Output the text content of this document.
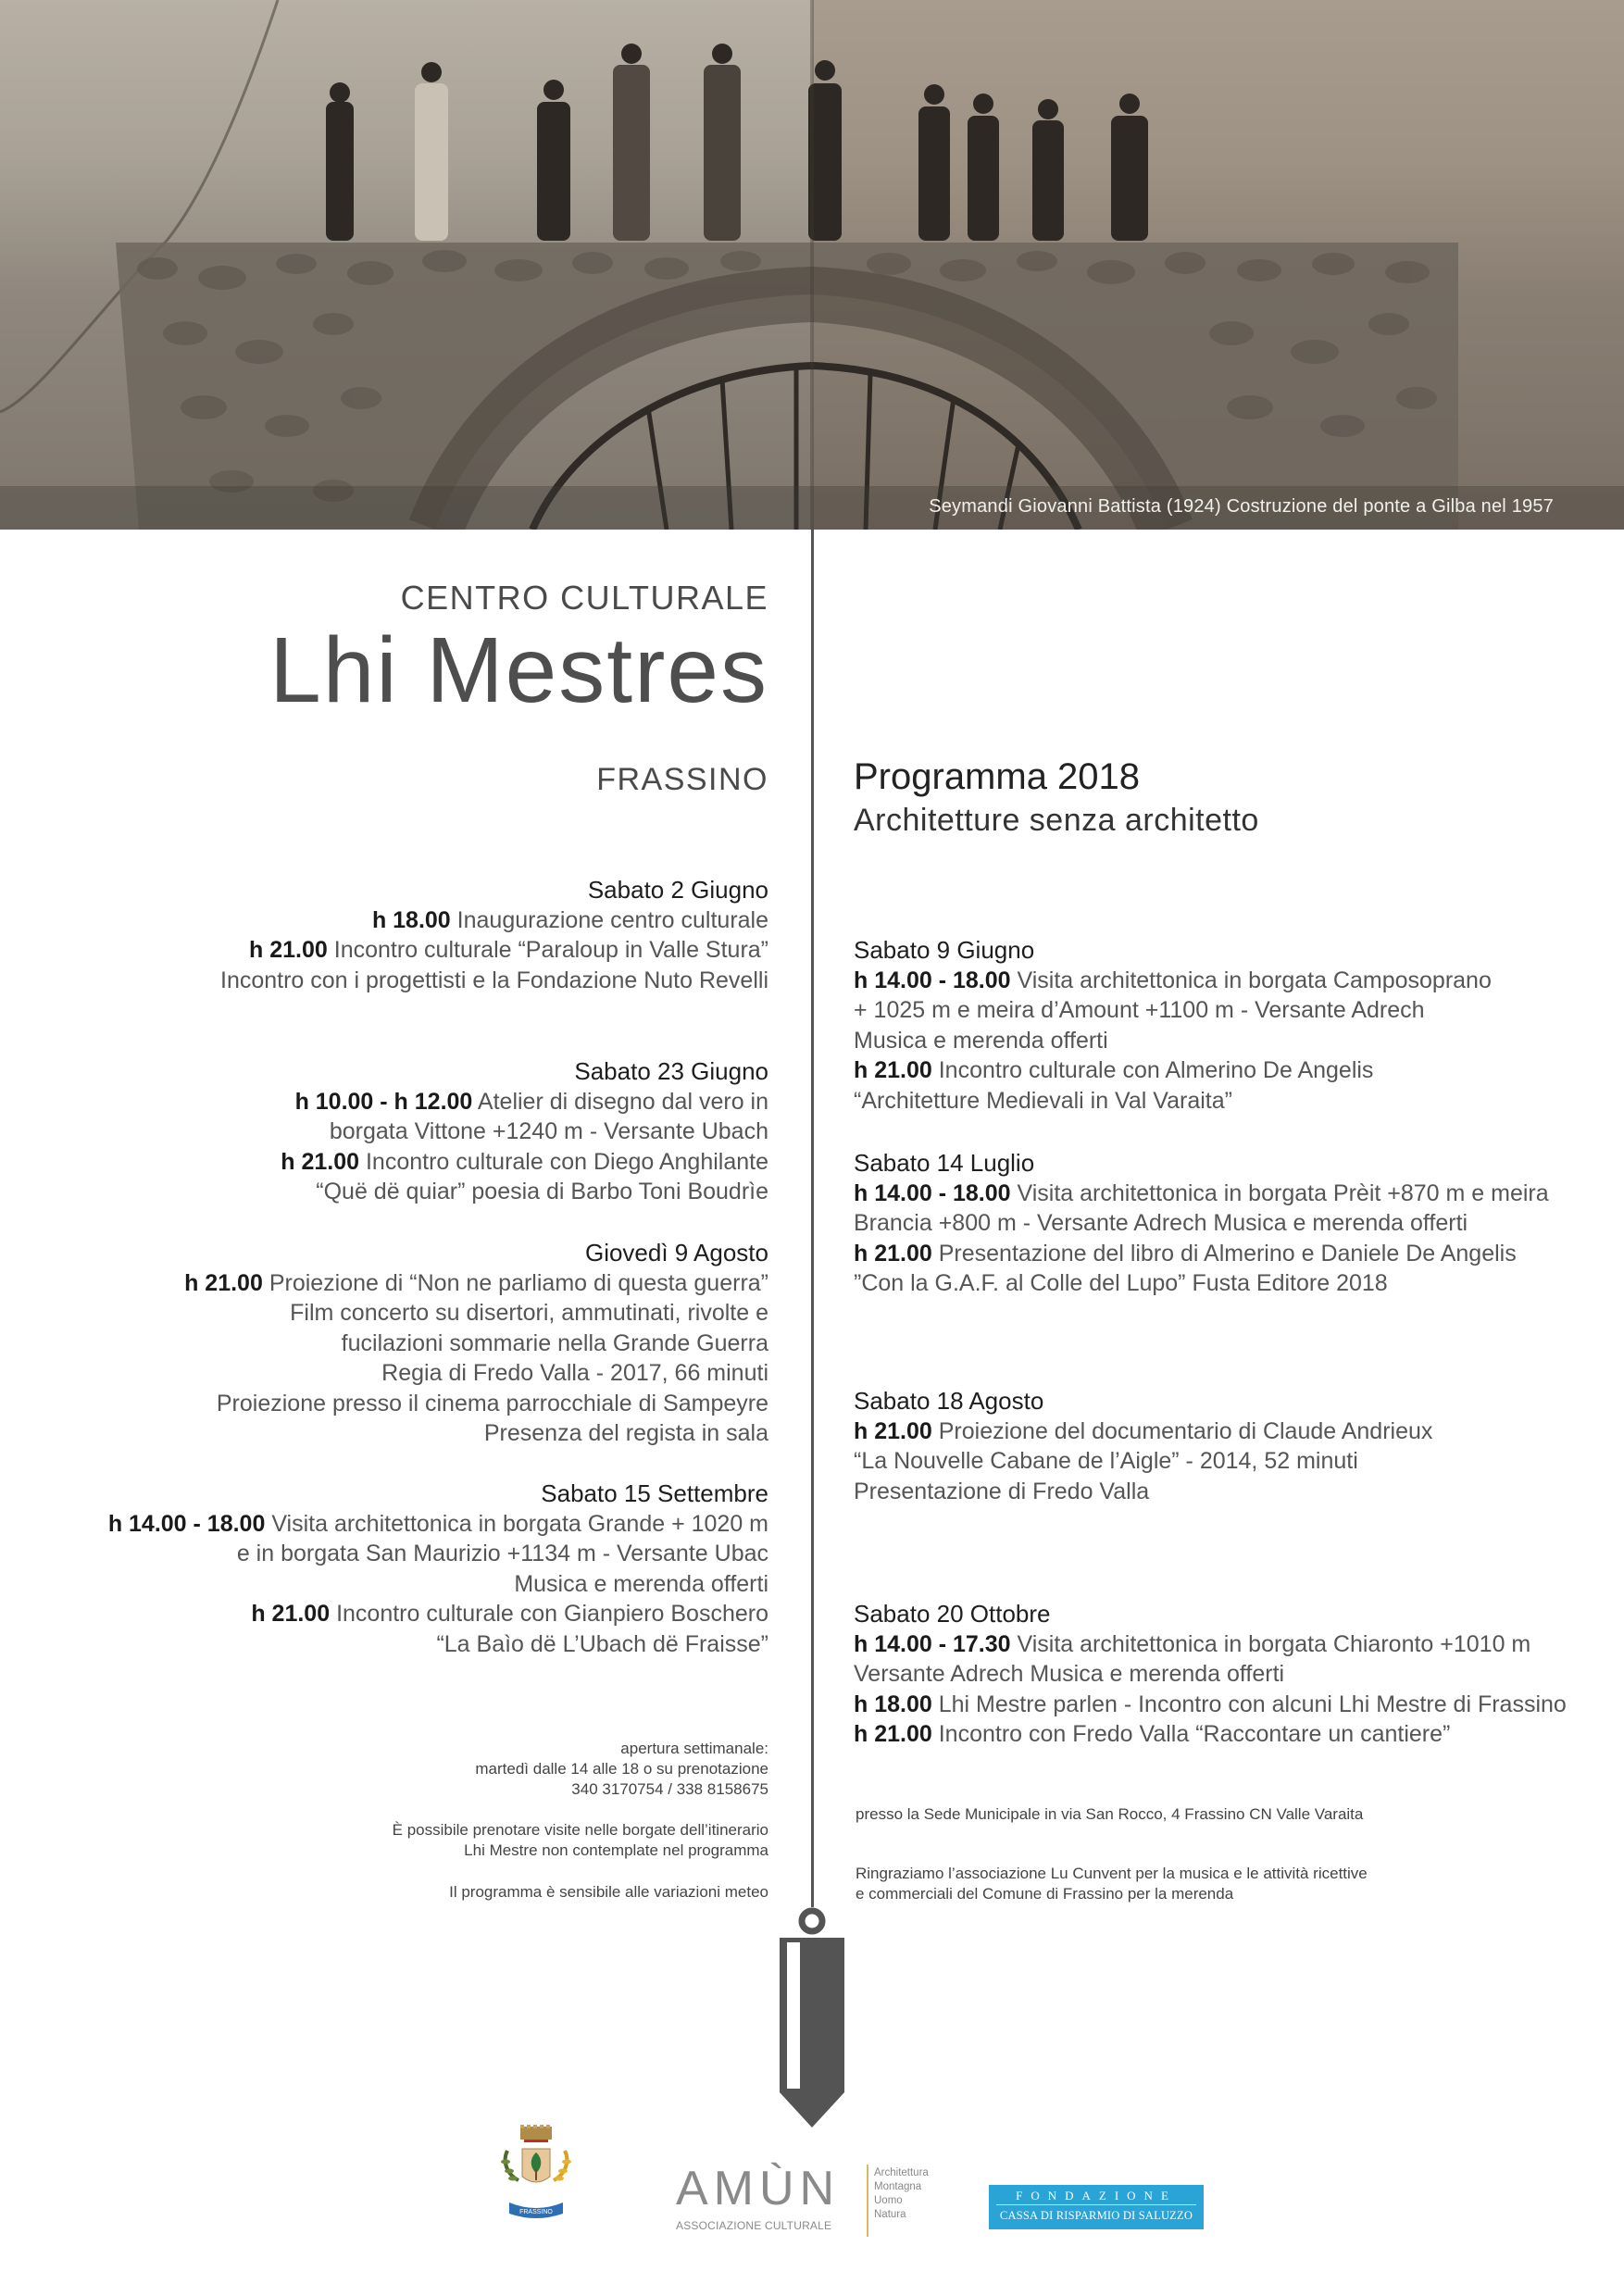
Seymandi Giovanni Battista (1924) Costruzione del ponte a Gilba nel 1957
CENTRO CULTURALE
Lhi Mestres
FRASSINO Programma 2018
Architetture senza architetto
Sabato 2 Giugno
h 18.00 Inaugurazione centro culturale
h 21.00 Incontro culturale “Paraloup in Valle Stura”
Incontro con i progettisti e la Fondazione Nuto Revelli
Sabato 23 Giugno
h 10.00 - h 12.00 Atelier di disegno dal vero in
borgata Vittone +1240 m - Versante Ubach
h 21.00 Incontro culturale con Diego Anghilante
“Quë dë quiar” poesia di Barbo Toni Boudrìe
Giovedì 9 Agosto
h 21.00 Proiezione di “Non ne parliamo di questa guerra”
Film concerto su disertori, ammutinati, rivolte e
fucilazioni sommarie nella Grande Guerra
Regia di Fredo Valla - 2017, 66 minuti
Proiezione presso il cinema parrocchiale di Sampeyre
Presenza del regista in sala
Sabato 15 Settembre
h 14.00 - 18.00 Visita architettonica in borgata Grande + 1020 m
e in borgata San Maurizio +1134 m - Versante Ubac
Musica e merenda offerti
h 21.00 Incontro culturale con Gianpiero Boschero
“La Baìo dë L’Ubach dë Fraisse”
Sabato 9 Giugno
h 14.00 - 18.00 Visita architettonica in borgata Camposoprano
+ 1025 m e meira d’Amount +1100 m - Versante Adrech
Musica e merenda offerti
h 21.00 Incontro culturale con Almerino De Angelis
“Architetture Medievali in Val Varaita”
Sabato 14 Luglio
h 14.00 - 18.00 Visita architettonica in borgata Prèit +870 m e meira
Brancia +800 m - Versante Adrech Musica e merenda offerti
h 21.00 Presentazione del libro di Almerino e Daniele De Angelis
”Con la G.A.F. al Colle del Lupo” Fusta Editore 2018
Sabato 18 Agosto
h 21.00 Proiezione del documentario di Claude Andrieux
“La Nouvelle Cabane de l’Aigle” - 2014, 52 minuti
Presentazione di Fredo Valla
Sabato 20 Ottobre
h 14.00 - 17.30 Visita architettonica in borgata Chiaronto +1010 m
Versante Adrech Musica e merenda offerti
h 18.00 Lhi Mestre parlen - Incontro con alcuni Lhi Mestre di Frassino
h 21.00 Incontro con Fredo Valla “Raccontare un cantiere”
apertura settimanale:
martedì dalle 14 alle 18 o su prenotazione
340 3170754 / 338 8158675
È possibile prenotare visite nelle borgate dell’itinerario
Lhi Mestre non contemplate nel programma
Il programma è sensibile alle variazioni meteo
presso la Sede Municipale in via San Rocco, 4 Frassino CN Valle Varaita
Ringraziamo l’associazione Lu Cunvent per la musica e le attività ricettive
e commerciali del Comune di Frassino per la merenda
FRASSINO	AMÙN
ASSOCIAZIONE CULTURALE
Architettura
Montagna
Uomo
Natura
FONDAZIONE
CASSA DI RISPARMIO DI SALUZZO
